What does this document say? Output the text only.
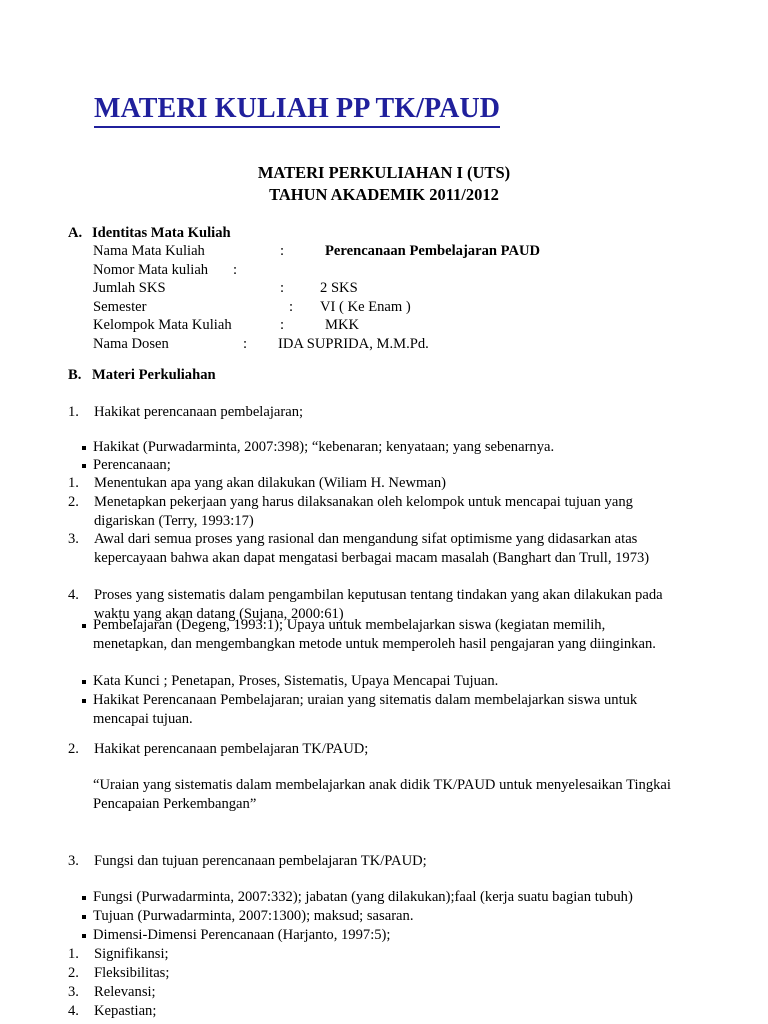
MATERI KULIAH PP TK/PAUD
MATERI PERKULIAHAN I (UTS)
TAHUN AKADEMIK 2011/2012
A. Identitas Mata Kuliah
Nama Mata Kuliah	:	Perencanaan Pembelajaran PAUD
Nomor Mata kuliah :
Jumlah SKS	: 2 SKS
Semester	: VI ( Ke Enam )
Kelompok Mata Kuliah	:	MKK
Nama Dosen	: IDA SUPRIDA, M.M.Pd.
B. Materi Perkuliahan
1.	Hakikat perencanaan pembelajaran;
Hakikat (Purwadarminta, 2007:398); “kebenaran; kenyataan; yang sebenarnya.
Perencanaan;
1.	Menentukan apa yang akan dilakukan (Wiliam H. Newman)
2.	Menetapkan pekerjaan yang harus dilaksanakan oleh kelompok untuk mencapai tujuan yang digariskan (Terry, 1993:17)
3.	Awal dari semua proses yang rasional dan mengandung sifat optimisme yang didasarkan atas kepercayaan bahwa akan dapat mengatasi berbagai macam masalah (Banghart dan Trull, 1973)
4.	Proses yang sistematis dalam pengambilan keputusan tentang tindakan yang akan dilakukan pada waktu yang akan datang (Sujana, 2000:61)
Pembelajaran (Degeng, 1993:1); Upaya untuk membelajarkan siswa (kegiatan memilih, menetapkan, dan mengembangkan metode untuk memperoleh hasil pengajaran yang diinginkan.
Kata Kunci ; Penetapan, Proses, Sistematis, Upaya Mencapai Tujuan.
Hakikat Perencanaan Pembelajaran; uraian yang sitematis dalam membelajarkan siswa untuk mencapai tujuan.
2.	Hakikat perencanaan pembelajaran TK/PAUD;
“Uraian yang sistematis dalam membelajarkan anak didik TK/PAUD untuk menyelesaikan Tingkai Pencapaian Perkembangan”
3.	Fungsi dan tujuan perencanaan pembelajaran TK/PAUD;
Fungsi (Purwadarminta, 2007:332); jabatan (yang dilakukan);faal (kerja suatu bagian tubuh)
Tujuan (Purwadarminta, 2007:1300); maksud; sasaran.
Dimensi-Dimensi Perencanaan (Harjanto, 1997:5);
1.	Signifikansi;
2.	Fleksibilitas;
3.	Relevansi;
4.	Kepastian;
